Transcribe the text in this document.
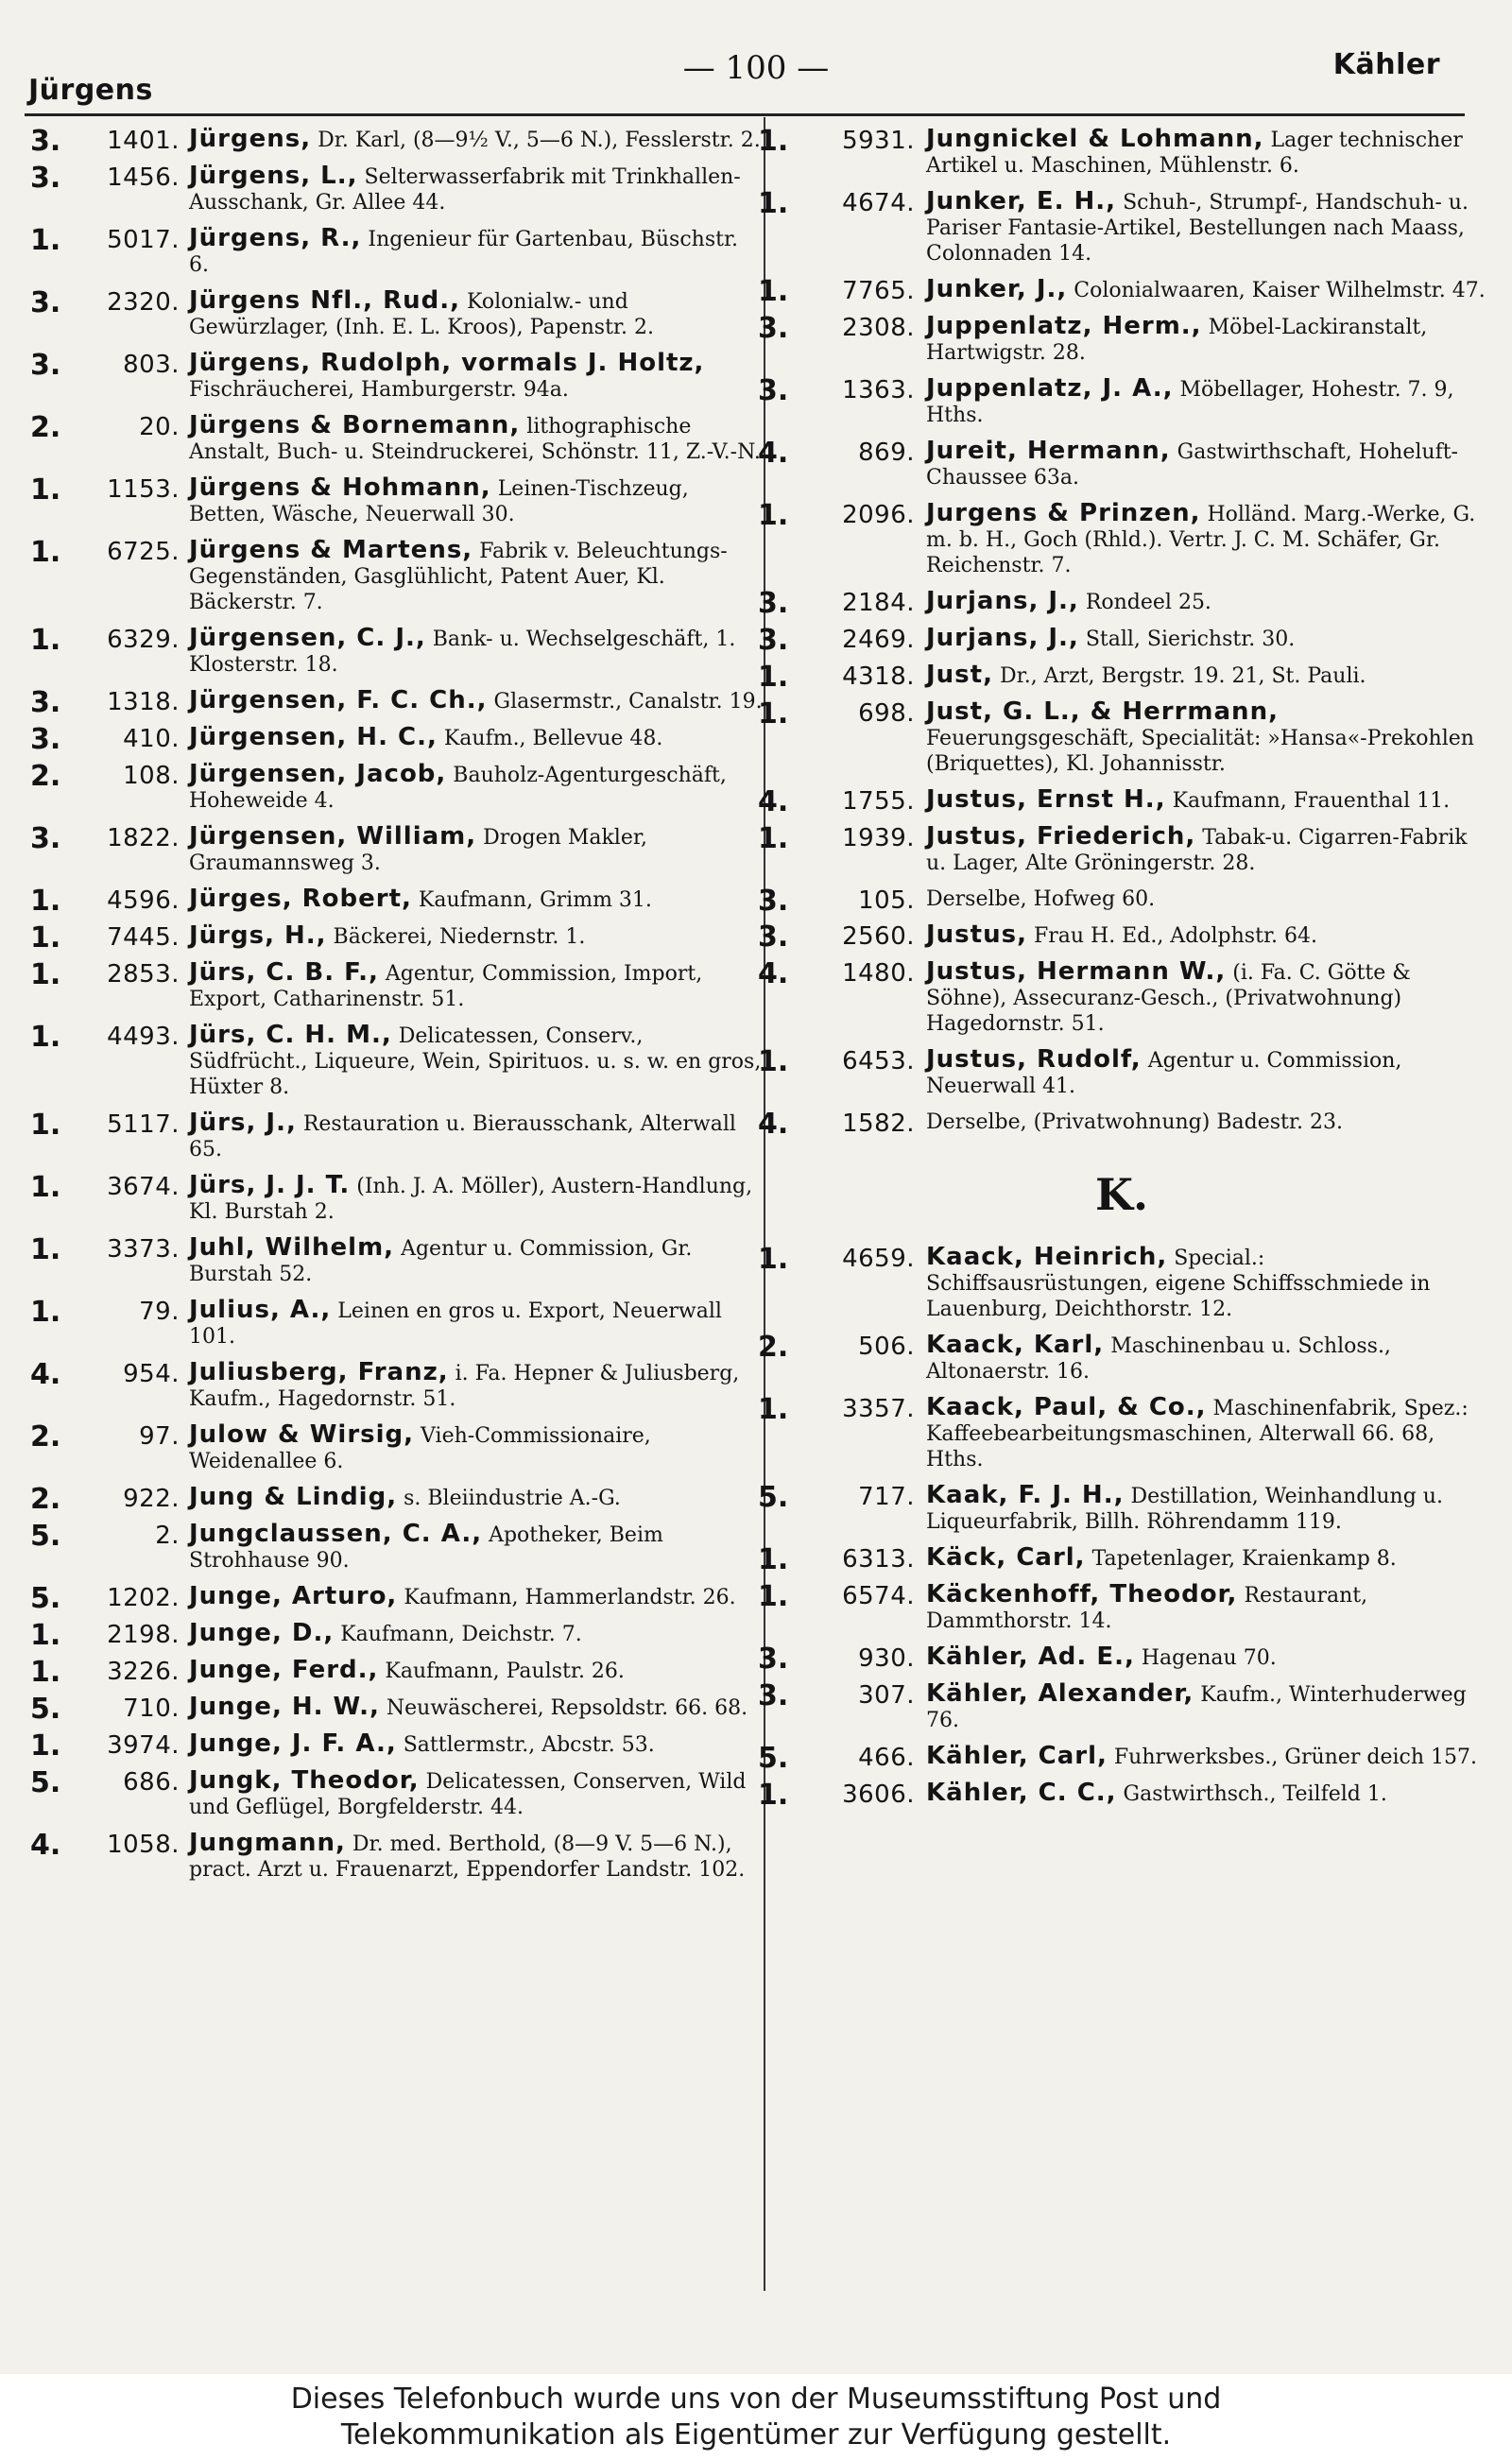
Jürgens
— 100 —	Kähler
3.	1401. Jürgens, Dr. Karl, (8—9½ V., 5—6 N.), Fesslerstr. 2.
3.	1456. Jürgens, L., Selterwasserfabrik mit Trinkhallen-Ausschank, Gr. Allee 44.
1.	5017. Jürgens, R., Ingenieur für Gartenbau, Büschstr. 6.
3.	2320. Jürgens Nfl., Rud., Kolonialw.- und Gewürzlager, (Inh. E. L. Kroos), Papenstr. 2.
3.	803. Jürgens, Rudolph, vormals J. Holtz, Fischräucherei, Hamburgerstr. 94a.
2.	20. Jürgens & Bornemann, lithographische Anstalt, Buch- u. Steindruckerei, Schönstr. 11, Z.-V.-N.
1.	1153. Jürgens & Hohmann, Leinen-Tischzeug, Betten, Wäsche, Neuerwall 30.
1.	6725. Jürgens & Martens, Fabrik v. Beleuchtungs-Gegenständen, Gasglühlicht, Patent Auer, Kl. Bäckerstr. 7.
1.	6329. Jürgensen, C. J., Bank- u. Wechselgeschäft, 1. Klosterstr. 18.
3.	1318. Jürgensen, F. C. Ch., Glasermstr., Canalstr. 19.
3.	410. Jürgensen, H. C., Kaufm., Bellevue 48.
2.	108. Jürgensen, Jacob, Bauholz-Agenturgeschäft, Hoheweide 4.
3.	1822. Jürgensen, William, Drogen Makler, Graumannsweg 3.
1.	4596. Jürges, Robert, Kaufmann, Grimm 31.
1.	7445. Jürgs, H., Bäckerei, Niedernstr. 1.
1.	2853. Jürs, C. B. F., Agentur, Commission, Import, Export, Catharinenstr. 51.
1.	4493. Jürs, C. H. M., Delicatessen, Conserv., Südfrücht., Liqueure, Wein, Spirituos. u. s. w. en gros, Hüxter 8.
1.	5117. Jürs, J., Restauration u. Bierausschank, Alterwall 65.
1.	3674. Jürs, J. J. T. (Inh. J. A. Möller), Austern-Handlung, Kl. Burstah 2.
1.	3373. Juhl, Wilhelm, Agentur u. Commission, Gr. Burstah 52.
1.	79. Julius, A., Leinen en gros u. Export, Neuerwall 101.
4.	954. Juliusberg, Franz, i. Fa. Hepner & Juliusberg, Kaufm., Hagedornstr. 51.
2.	97. Julow & Wirsig, Vieh-Commissionaire, Weidenallee 6.
2.	922. Jung & Lindig, s. Bleiindustrie A.-G.
5.	2. Jungclaussen, C. A., Apotheker, Beim Strohhause 90.
5.	1202. Junge, Arturo, Kaufmann, Hammerlandstr. 26.
1.	2198. Junge, D., Kaufmann, Deichstr. 7.
1.	3226. Junge, Ferd., Kaufmann, Paulstr. 26.
5.	710. Junge, H. W., Neuwäscherei, Repsoldstr. 66. 68.
1.	3974. Junge, J. F. A., Sattlermstr., Abcstr. 53.
5.	686. Jungk, Theodor, Delicatessen, Conserven, Wild und Geflügel, Borgfelderstr. 44.
4.	1058. Jungmann, Dr. med. Berthold, (8—9 V. 5—6 N.), pract. Arzt u. Frauenarzt, Eppendorfer Landstr. 102.
1.	5931. Jungnickel & Lohmann, Lager technischer Artikel u. Maschinen, Mühlenstr. 6.
1.	4674. Junker, E. H., Schuh-, Strumpf-, Handschuh- u. Pariser Fantasie-Artikel, Bestellungen nach Maass, Colonnaden 14.
1.	7765. Junker, J., Colonialwaaren, Kaiser Wilhelmstr. 47.
3.	2308. Juppenlatz, Herm., Möbel-Lackiranstalt, Hartwigstr. 28.
3.	1363. Juppenlatz, J. A., Möbellager, Hohestr. 7. 9, Hths.
4.	869. Jureit, Hermann, Gastwirthschaft, Hoheluft-Chaussee 63a.
1.	2096. Jurgens & Prinzen, Holländ. Marg.-Werke, G. m. b. H., Goch (Rhld.). Vertr. J. C. M. Schäfer, Gr. Reichenstr. 7.
3.	2184. Jurjans, J., Rondeel 25.
3.	2469. Jurjans, J., Stall, Sierichstr. 30.
1.	4318. Just, Dr., Arzt, Bergstr. 19. 21, St. Pauli.
1.	698. Just, G. L., & Herrmann, Feuerungsgeschäft, Specialität: »Hansa«-Prekohlen (Briquettes), Kl. Johannisstr.
4.	1755. Justus, Ernst H., Kaufmann, Frauenthal 11.
1.	1939. Justus, Friederich, Tabak-u. Cigarren-Fabrik u. Lager, Alte Gröningerstr. 28.
3.	105. Derselbe, Hofweg 60.
3.	2560. Justus, Frau H. Ed., Adolphstr. 64.
4.	1480. Justus, Hermann W., (i. Fa. C. Götte & Söhne), Assecuranz-Gesch., (Privatwohnung) Hagedornstr. 51.
1.	6453. Justus, Rudolf, Agentur u. Commission, Neuerwall 41.
4.	1582. Derselbe, (Privatwohnung) Badestr. 23.
K.
1.	4659. Kaack, Heinrich, Special.: Schiffsausrüstungen, eigene Schiffsschmiede in Lauenburg, Deichthorstr. 12.
2.	506. Kaack, Karl, Maschinenbau u. Schloss., Altonaerstr. 16.
1.	3357. Kaack, Paul, & Co., Maschinenfabrik, Spez.: Kaffeebearbeitungsmaschinen, Alterwall 66. 68, Hths.
5.	717. Kaak, F. J. H., Destillation, Weinhandlung u. Liqueurfabrik, Billh. Röhrendamm 119.
1.	6313. Käck, Carl, Tapetenlager, Kraienkamp 8.
1.	6574. Käckenhoff, Theodor, Restaurant, Dammthorstr. 14.
3.	930. Kähler, Ad. E., Hagenau 70.
3.	307. Kähler, Alexander, Kaufm., Winterhuderweg 76.
5.	466. Kähler, Carl, Fuhrwerksbes., Grüner deich 157.
1.	3606. Kähler, C. C., Gastwirthsch., Teilfeld 1.
Dieses Telefonbuch wurde uns von der Museumsstiftung Post und
Telekommunikation als Eigentümer zur Verfügung gestellt.
